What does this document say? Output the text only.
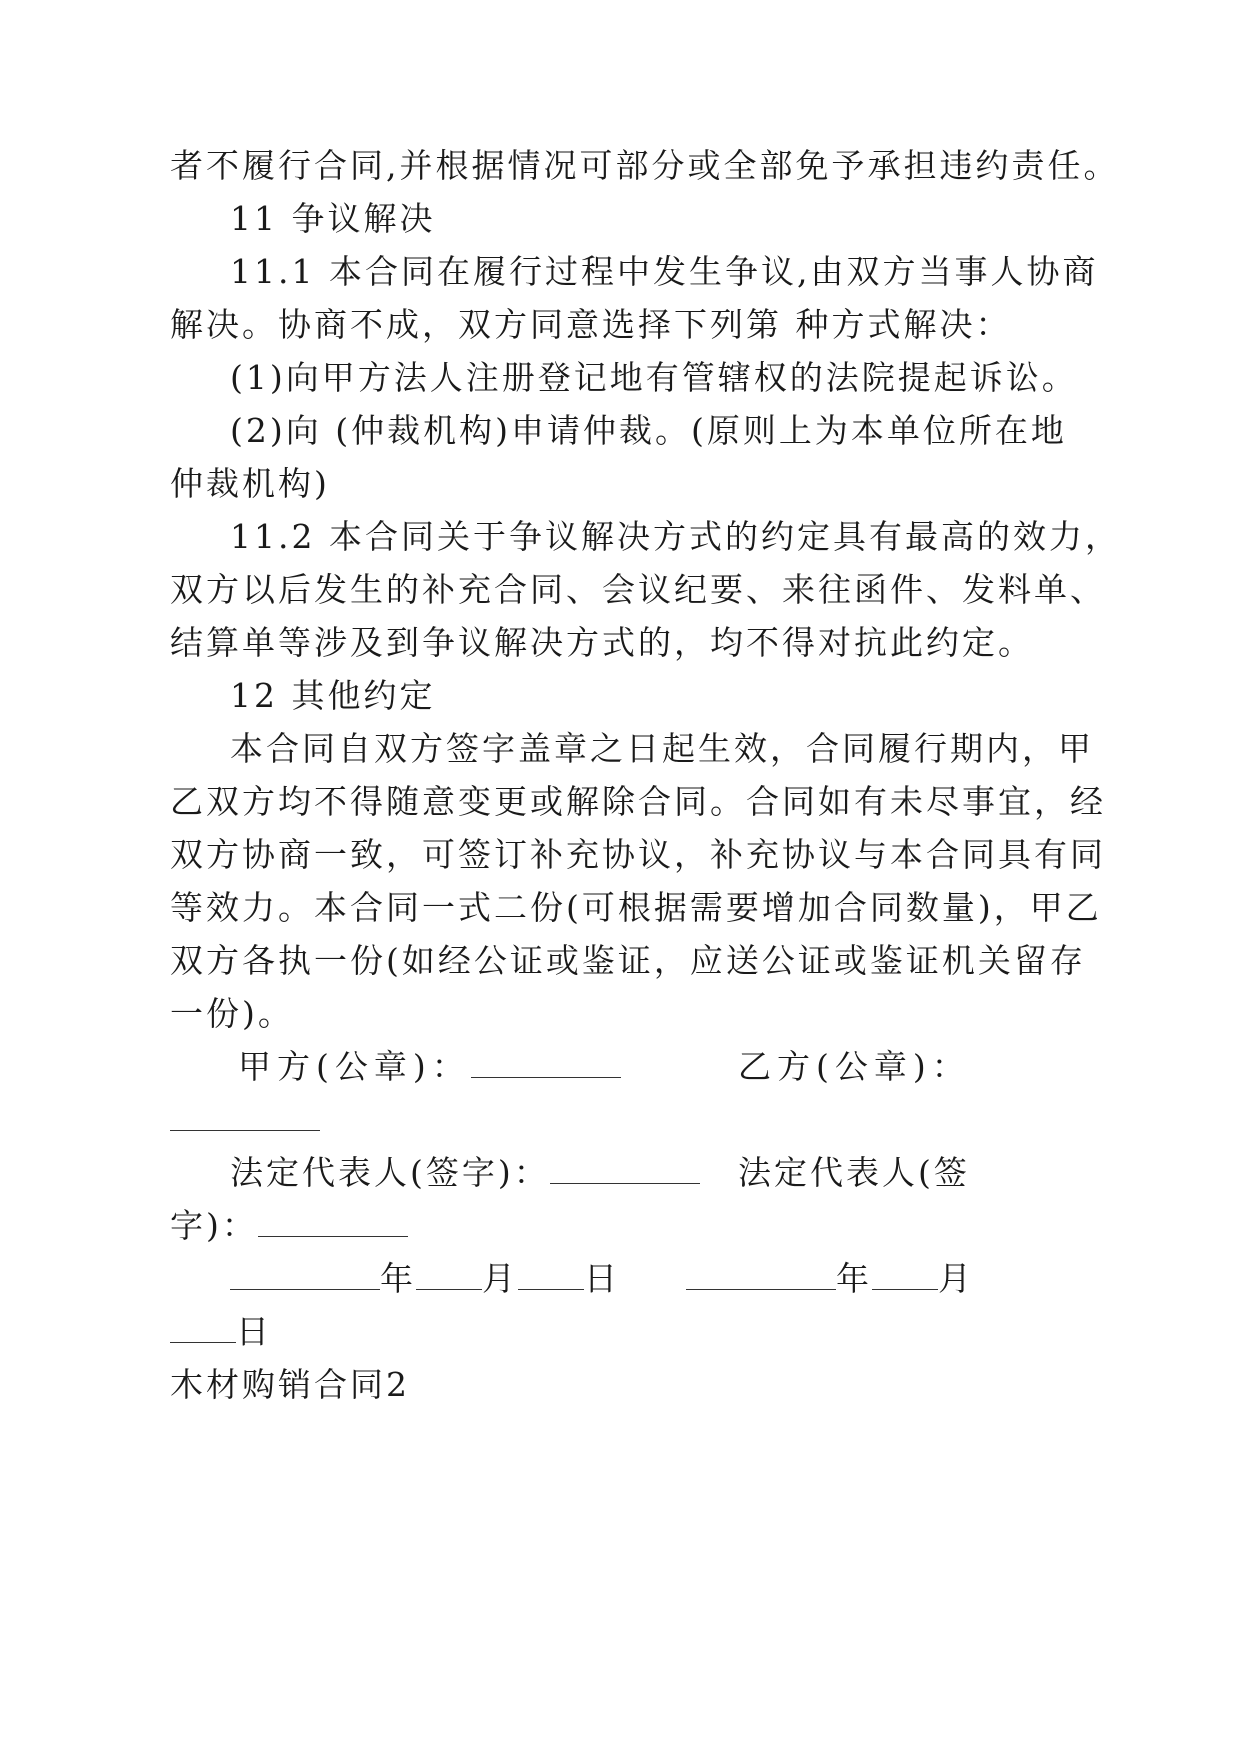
者不履行合同,并根据情况可部分或全部免予承担违约责任。
11 争议解决
11.1 本合同在履行过程中发生争议,由双方当事人协商
解决。协商不成，双方同意选择下列第 种方式解决：
(1)向甲方法人注册登记地有管辖权的法院提起诉讼。
(2)向 (仲裁机构)申请仲裁。(原则上为本单位所在地
仲裁机构)
11.2 本合同关于争议解决方式的约定具有最高的效力，
双方以后发生的补充合同、会议纪要、来往函件、发料单、
结算单等涉及到争议解决方式的，均不得对抗此约定。
12 其他约定
本合同自双方签字盖章之日起生效，合同履行期内，甲
乙双方均不得随意变更或解除合同。合同如有未尽事宜，经
双方协商一致，可签订补充协议，补充协议与本合同具有同
等效力。本合同一式二份(可根据需要增加合同数量)，甲乙
双方各执一份(如经公证或鉴证，应送公证或鉴证机关留存
一份)。
甲方(公章)：	乙方(公章)：
法定代表人(签字)：	法定代表人(签
字)：
年 月 日	年 月
日
木材购销合同2
